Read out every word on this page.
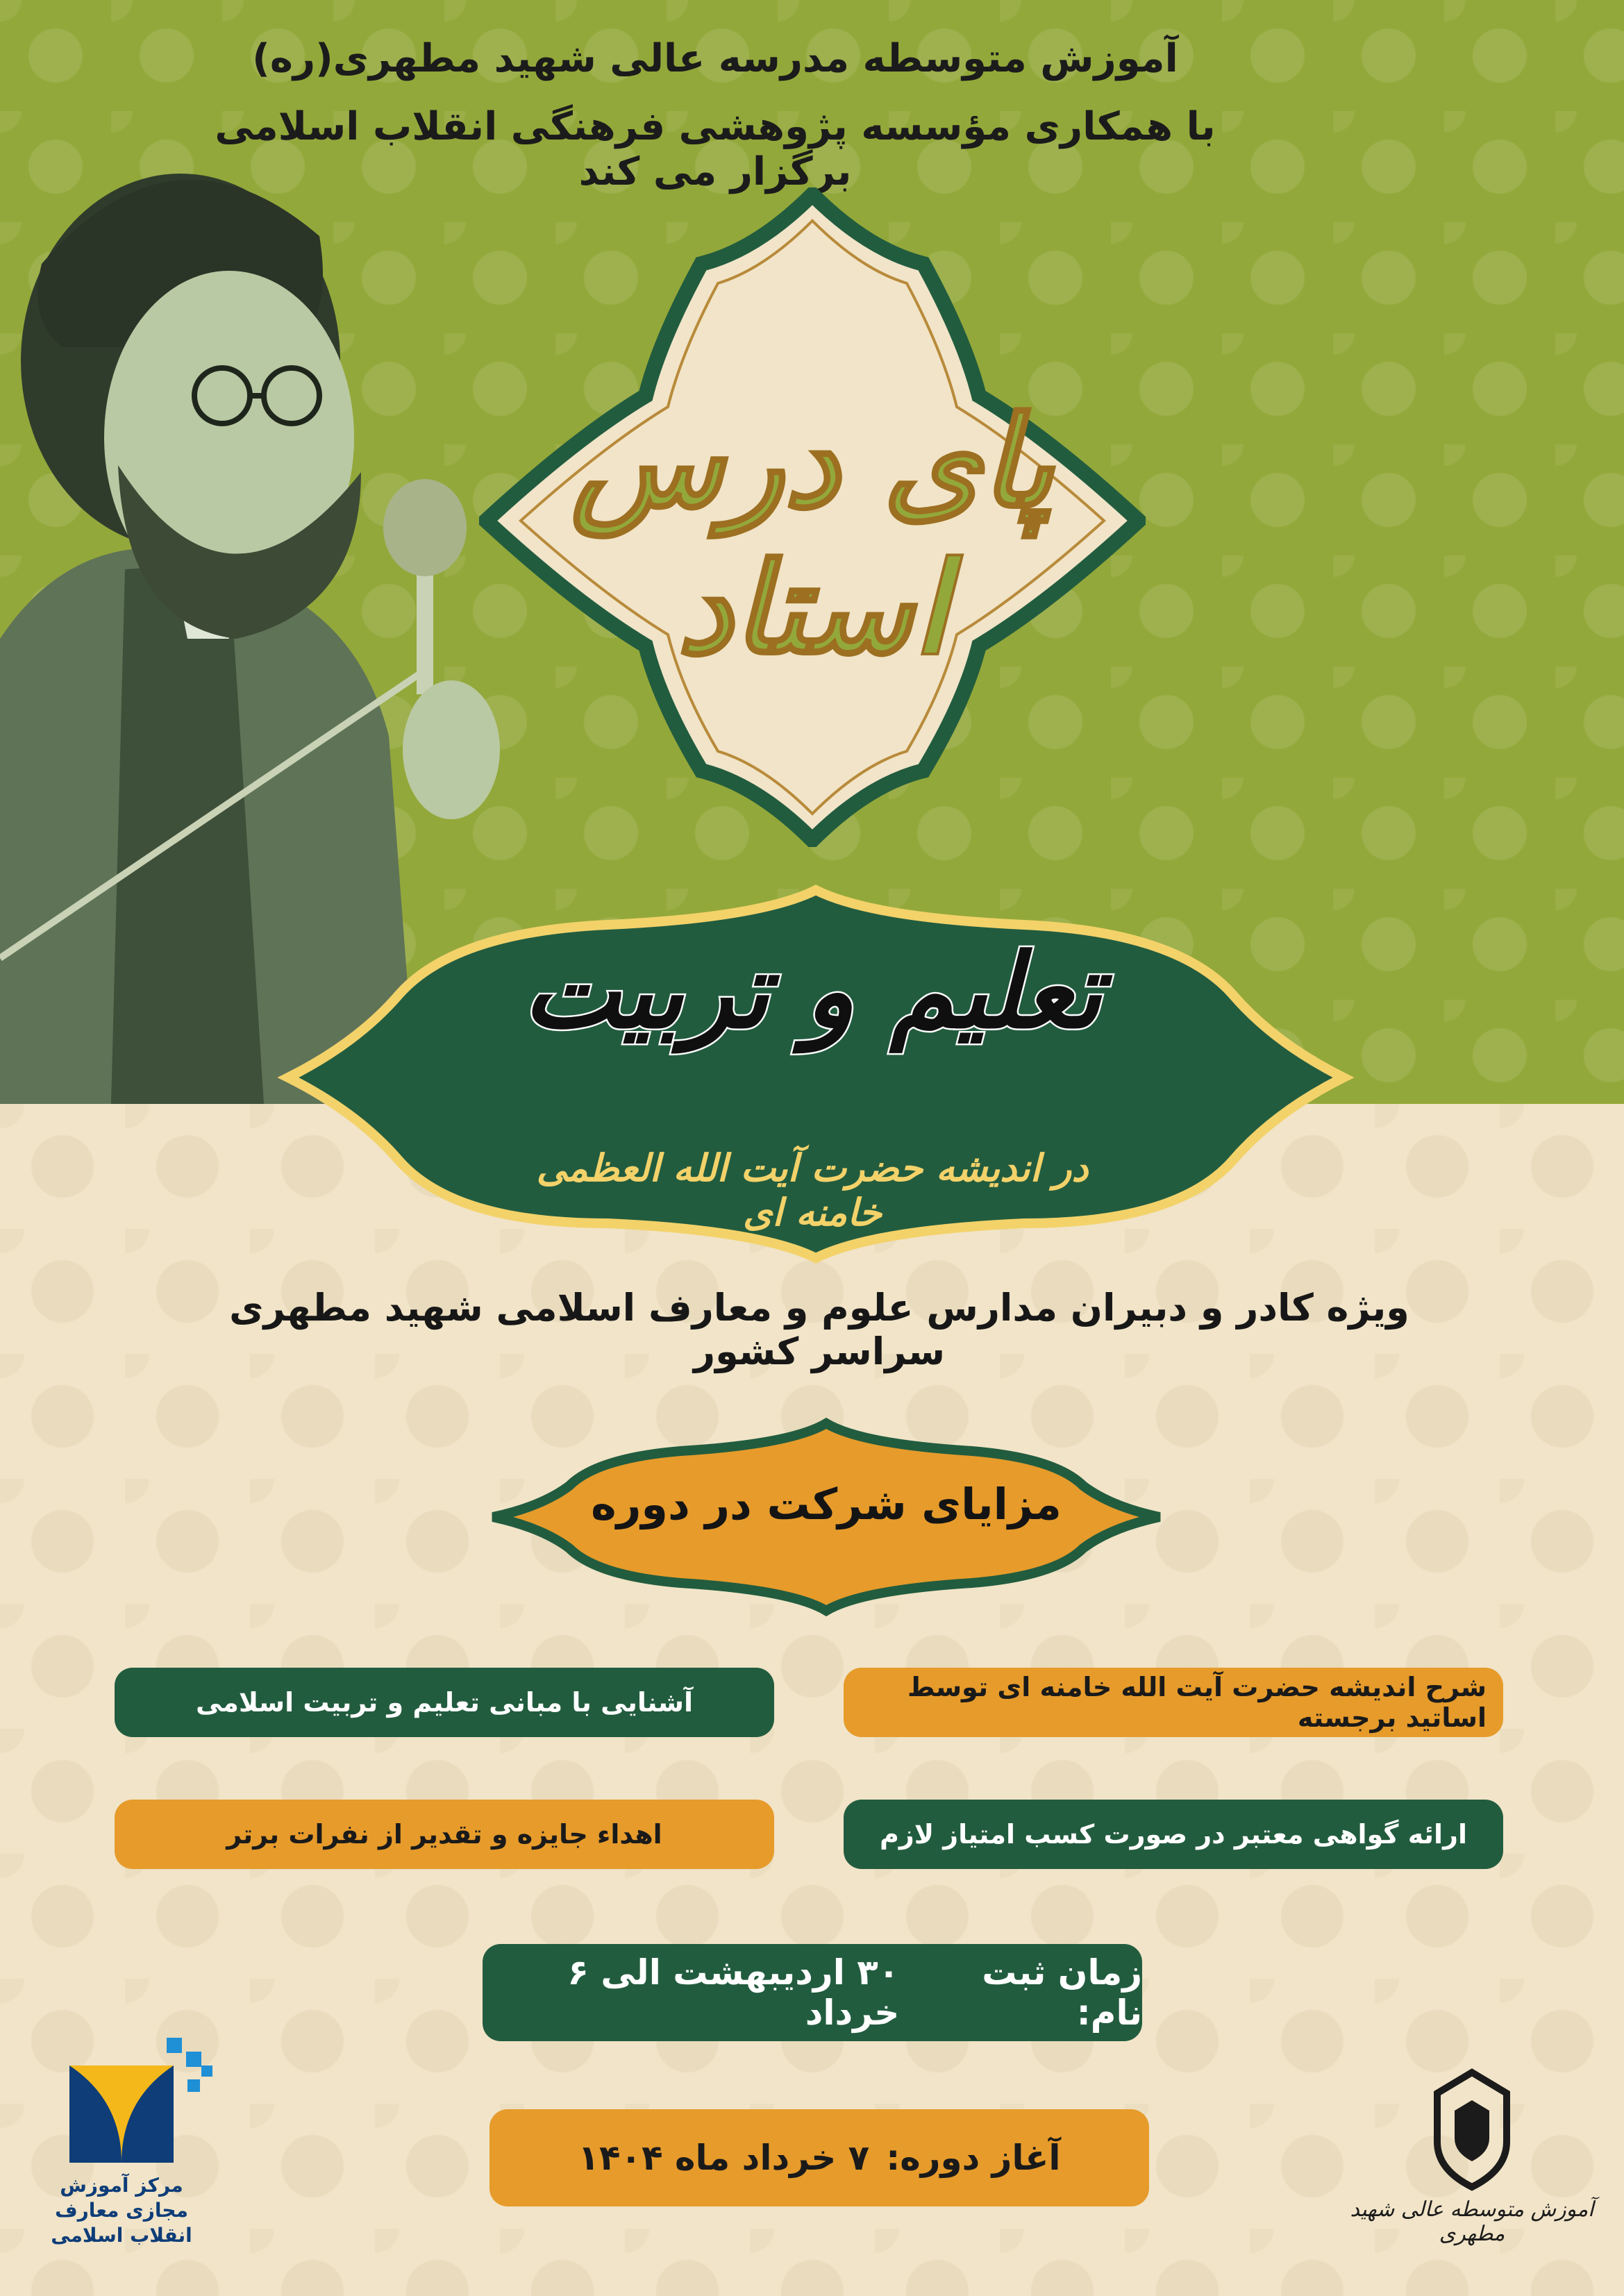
آموزش متوسطه مدرسه عالی شهید مطهری(ره)
با همکاری مؤسسه پژوهشی فرهنگی انقلاب اسلامی برگزار می کند
پای درس استاد
تعلیم و تربیت
در اندیشه حضرت آیت الله العظمی خامنه ای
ویژه کادر و دبیران مدارس علوم و معارف اسلامی شهید مطهری سراسر کشور
مزایای شرکت در دوره
شرح اندیشه حضرت آیت الله خامنه ای توسط اساتید برجسته
آشنایی با مبانی تعلیم و تربیت اسلامی
ارائه گواهی معتبر در صورت کسب امتیاز لازم
اهداء جایزه و تقدیر از نفرات برتر
زمان ثبت نام:
۳۰ اردیبهشت الی ۶ خرداد
آغاز دوره:
۷ خرداد ماه ۱۴۰۴
مرکز آموزش
مجازی معارف
انقلاب اسلامی
آموزش متوسطه عالی شهید مطهری
